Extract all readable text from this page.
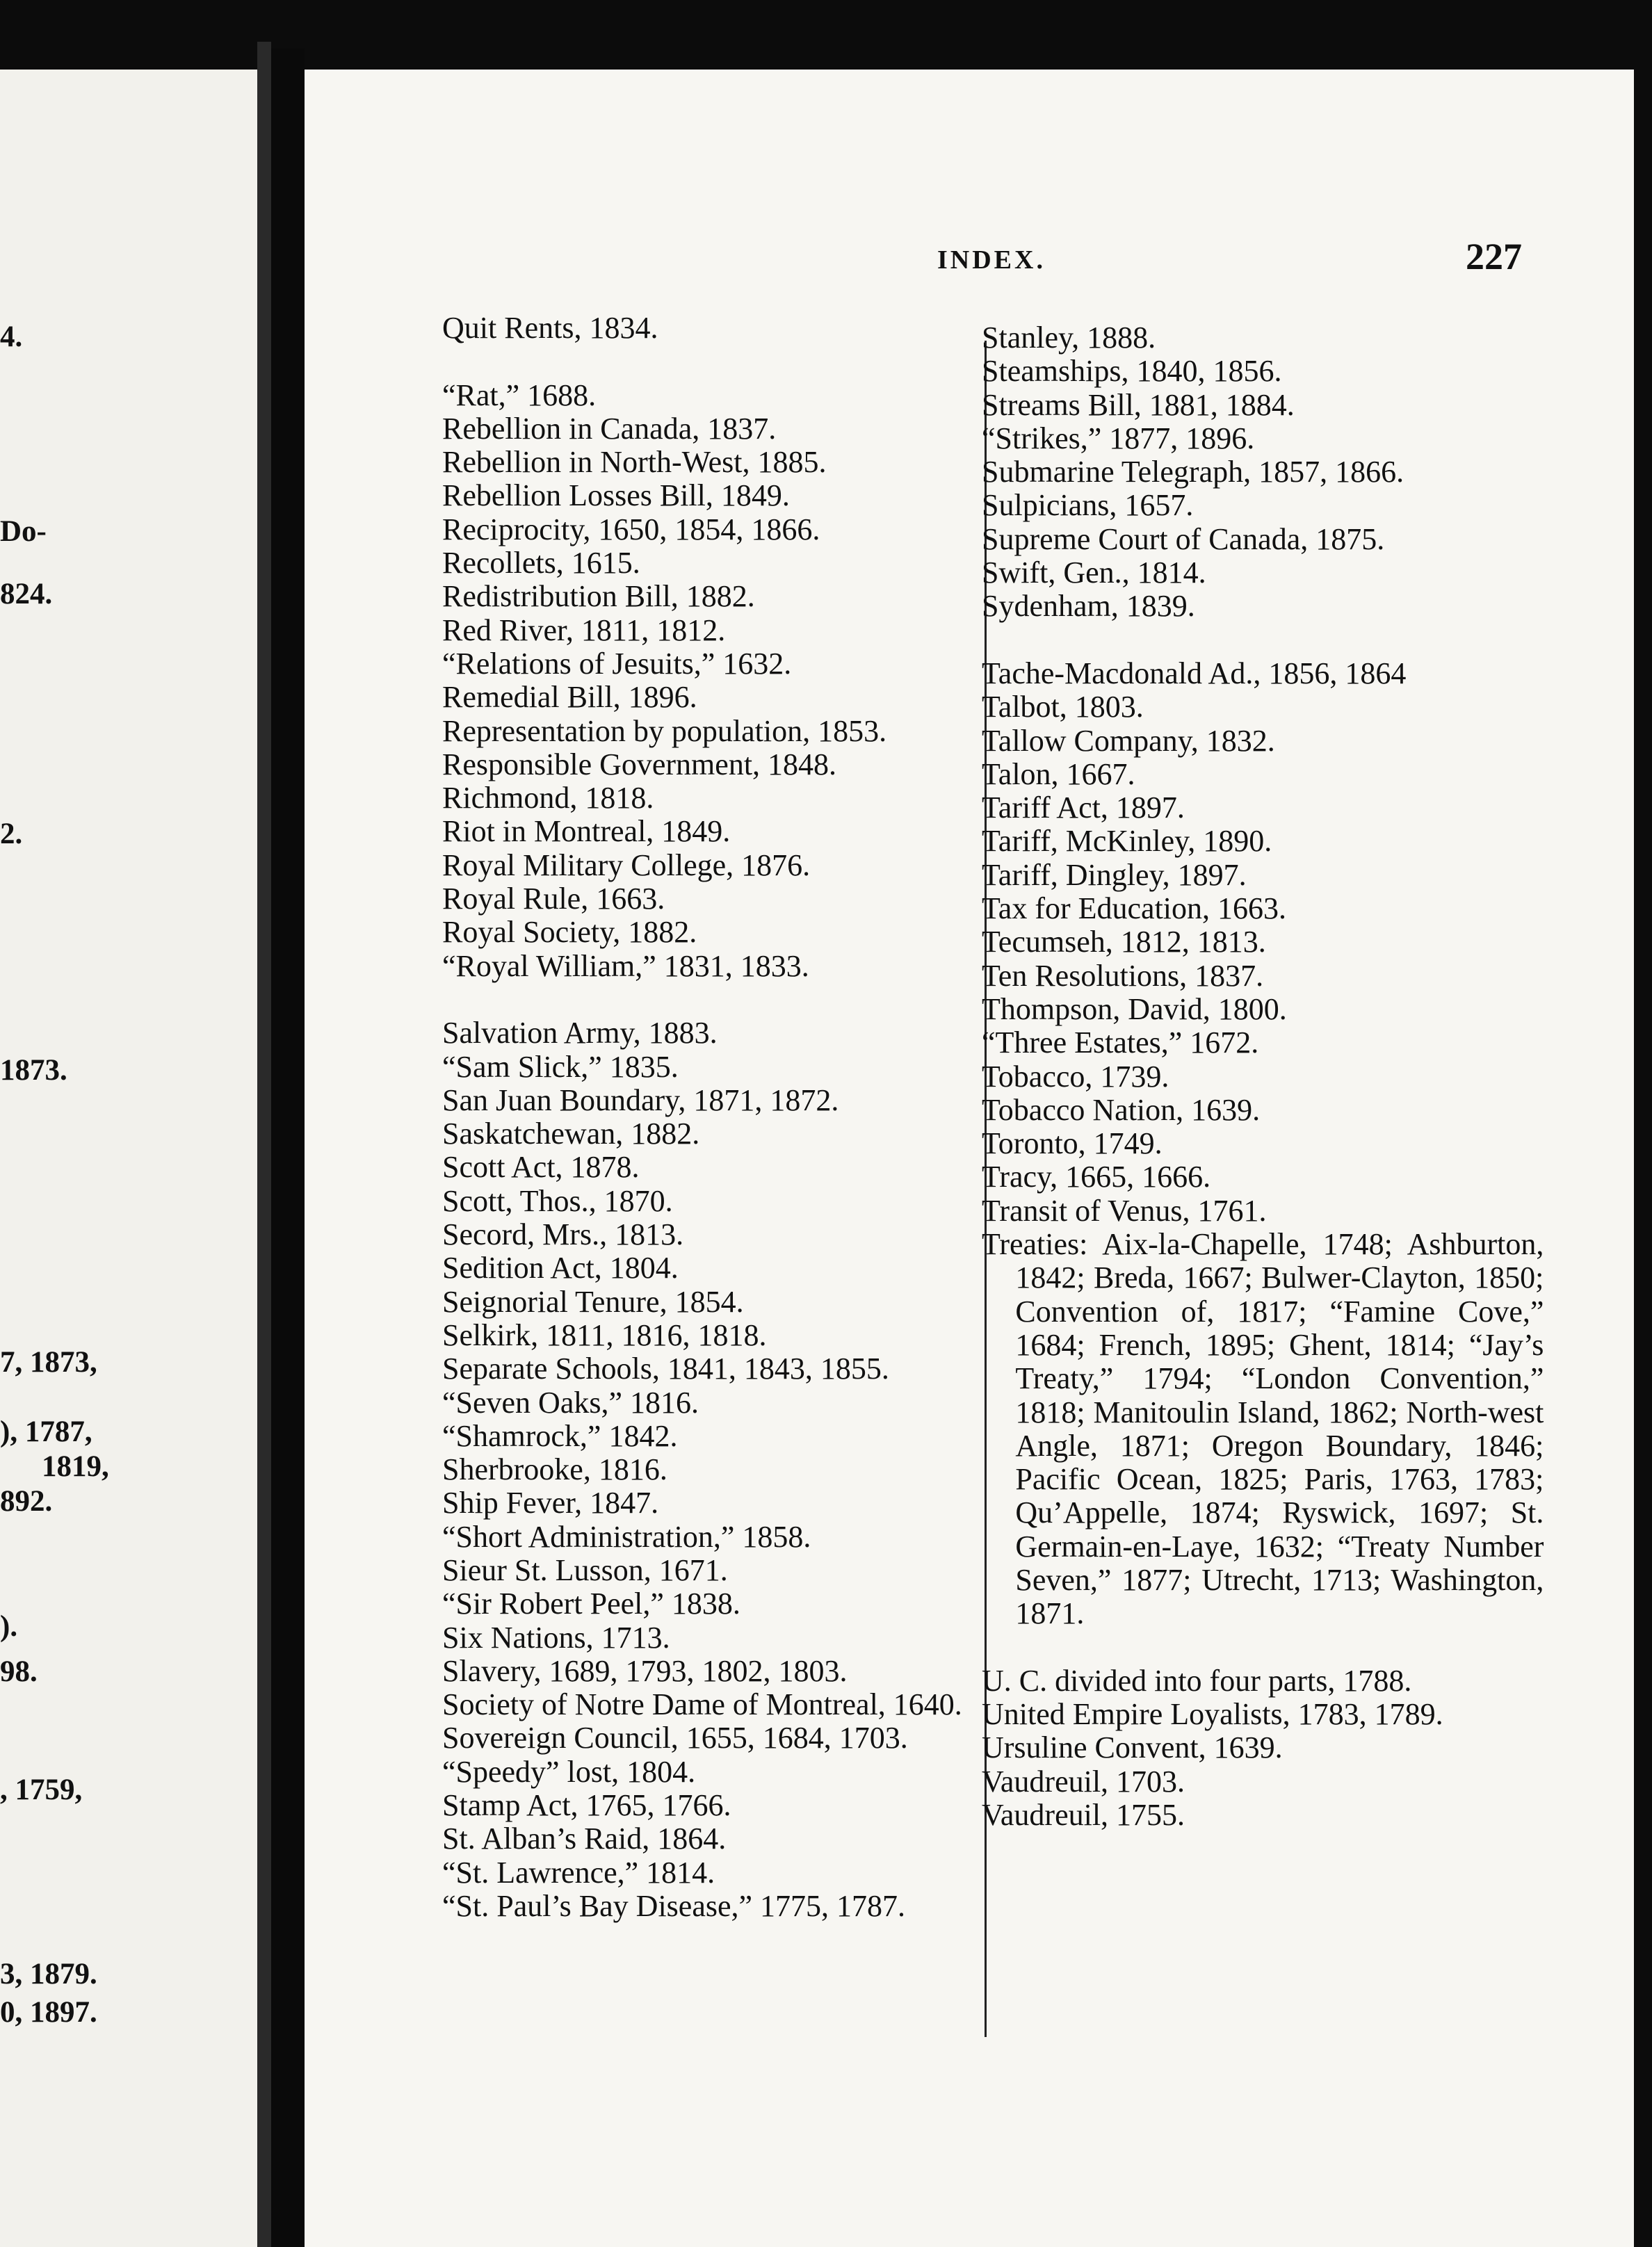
4.
Do-
824.
2.
1873.
7, 1873,
), 1787,
1819,
892.
).
98.
, 1759,
3, 1879.
0, 1897.
INDEX.	227
Quit Rents, 1834.
“Rat,” 1688.
Rebellion in Canada, 1837.
Rebellion in North-West, 1885.
Rebellion Losses Bill, 1849.
Reciprocity, 1650, 1854, 1866.
Recollets, 1615.
Redistribution Bill, 1882.
Red River, 1811, 1812.
“Relations of Jesuits,” 1632.
Remedial Bill, 1896.
Representation by population, 1853.
Responsible Government, 1848.
Richmond, 1818.
Riot in Montreal, 1849.
Royal Military College, 1876.
Royal Rule, 1663.
Royal Society, 1882.
“Royal William,” 1831, 1833.
Salvation Army, 1883.
“Sam Slick,” 1835.
San Juan Boundary, 1871, 1872.
Saskatchewan, 1882.
Scott Act, 1878.
Scott, Thos., 1870.
Secord, Mrs., 1813.
Sedition Act, 1804.
Seignorial Tenure, 1854.
Selkirk, 1811, 1816, 1818.
Separate Schools, 1841, 1843, 1855.
“Seven Oaks,” 1816.
“Shamrock,” 1842.
Sherbrooke, 1816.
Ship Fever, 1847.
“Short Administration,” 1858.
Sieur St. Lusson, 1671.
“Sir Robert Peel,” 1838.
Six Nations, 1713.
Slavery, 1689, 1793, 1802, 1803.
Society of Notre Dame of Montreal, 1640.
Sovereign Council, 1655, 1684, 1703.
“Speedy” lost, 1804.
Stamp Act, 1765, 1766.
St. Alban’s Raid, 1864.
“St. Lawrence,” 1814.
“St. Paul’s Bay Disease,” 1775, 1787.
Stanley, 1888.
Steamships, 1840, 1856.
Streams Bill, 1881, 1884.
“Strikes,” 1877, 1896.
Submarine Telegraph, 1857, 1866.
Sulpicians, 1657.
Supreme Court of Canada, 1875.
Swift, Gen., 1814.
Sydenham, 1839.
Tache-Macdonald Ad., 1856, 1864
Talbot, 1803.
Tallow Company, 1832.
Talon, 1667.
Tariff Act, 1897.
Tariff, McKinley, 1890.
Tariff, Dingley, 1897.
Tax for Education, 1663.
Tecumseh, 1812, 1813.
Ten Resolutions, 1837.
Thompson, David, 1800.
“Three Estates,” 1672.
Tobacco, 1739.
Tobacco Nation, 1639.
Toronto, 1749.
Tracy, 1665, 1666.
Transit of Venus, 1761.
Treaties: Aix-la-Chapelle, 1748; Ashburton, 1842; Breda, 1667; Bulwer-Clayton, 1850; Convention of, 1817; “Famine Cove,” 1684; French, 1895; Ghent, 1814; “Jay’s Treaty,” 1794; “London Convention,” 1818; Manitoulin Island, 1862; North-west Angle, 1871; Oregon Boundary, 1846; Pacific Ocean, 1825; Paris, 1763, 1783; Qu’Appelle, 1874; Ryswick, 1697; St. Germain-en-Laye, 1632; “Treaty Number Seven,” 1877; Utrecht, 1713; Washington, 1871.
U. C. divided into four parts, 1788.
United Empire Loyalists, 1783, 1789.
Ursuline Convent, 1639.
Vaudreuil, 1703.
Vaudreuil, 1755.
